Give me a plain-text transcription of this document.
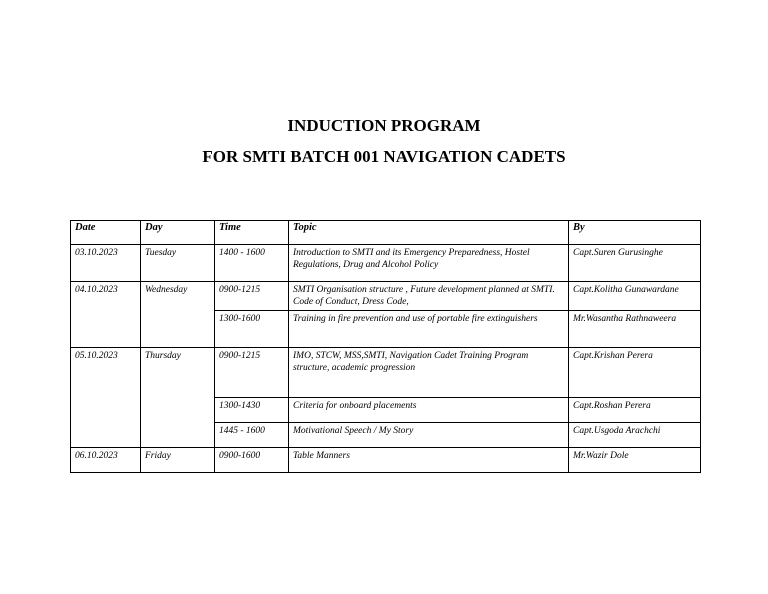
INDUCTION PROGRAM
FOR SMTI BATCH 001 NAVIGATION CADETS
Date	Day	Time	Topic	By
03.10.2023	Tuesday	1400 - 1600	Introduction to SMTI and its Emergency Preparedness, Hostel Regulations, Drug and Alcohol Policy	Capt.Suren Gurusinghe
04.10.2023	Wednesday	0900-1215	SMTI Organisation structure , Future development planned at SMTI. Code of Conduct, Dress Code,	Capt.Kolitha Gunawardane
		1300-1600	Training in fire prevention and use of portable fire extinguishers	Mr.Wasantha Rathnaweera
05.10.2023	Thursday	0900-1215	IMO, STCW, MSS,SMTI, Navigation Cadet Training Program structure, academic progression	Capt.Krishan Perera
		1300-1430	Criteria for onboard placements	Capt.Roshan Perera
		1445 - 1600	Motivational Speech / My Story	Capt.Usgoda Arachchi
06.10.2023	Friday	0900-1600	Table Manners	Mr.Wazir Dole
